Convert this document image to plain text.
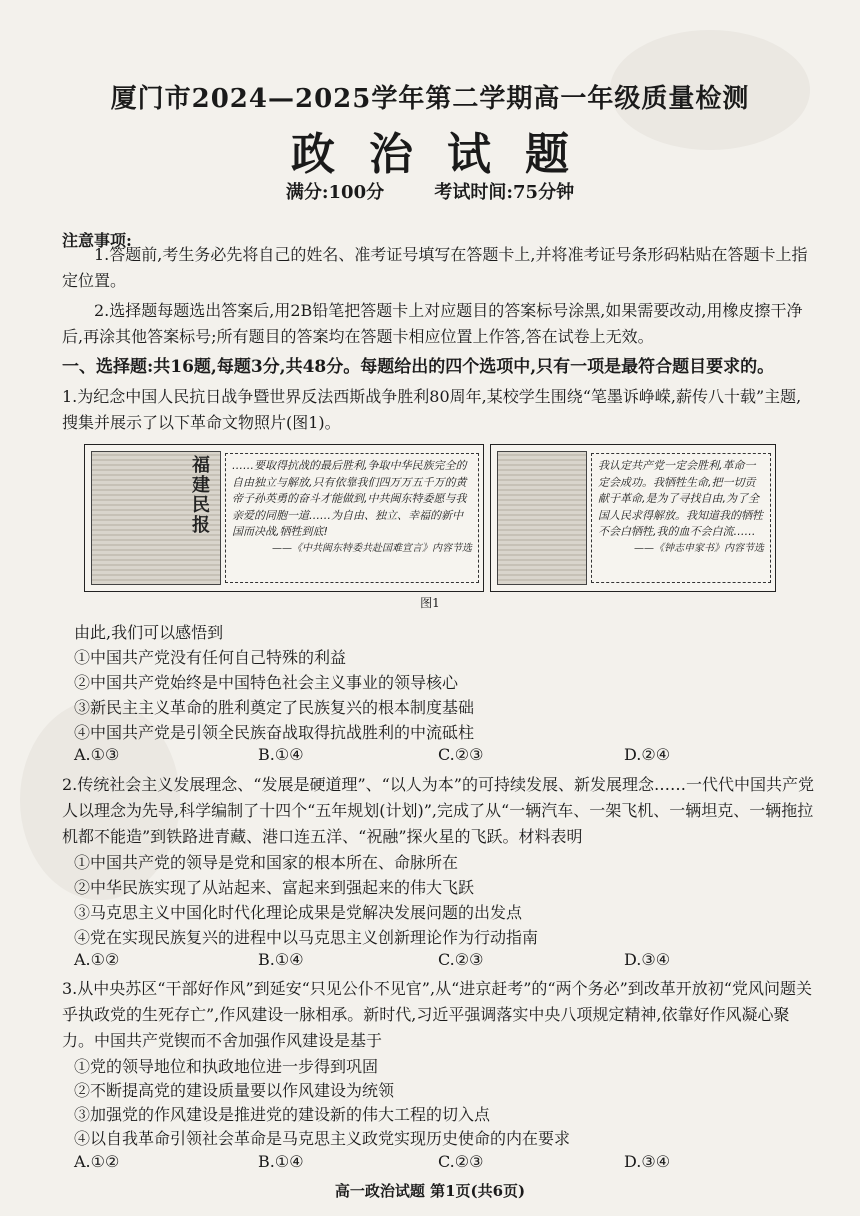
厦门市2024—2025学年第二学期高一年级质量检测
政治试题
满分:100分	考试时间:75分钟
注意事项:
1.答题前,考生务必先将自己的姓名、准考证号填写在答题卡上,并将准考证号条形码粘贴在答题卡上指定位置。
2.选择题每题选出答案后,用2B铅笔把答题卡上对应题目的答案标号涂黑,如果需要改动,用橡皮擦干净后,再涂其他答案标号;所有题目的答案均在答题卡相应位置上作答,答在试卷上无效。
一、选择题:共16题,每题3分,共48分。每题给出的四个选项中,只有一项是最符合题目要求的。
1.为纪念中国人民抗日战争暨世界反法西斯战争胜利80周年,某校学生围绕“笔墨诉峥嵘,薪传八十载”主题,搜集并展示了以下革命文物照片(图1)。
福建民报
……要取得抗战的最后胜利,争取中华民族完全的自由独立与解放,只有依靠我们四万万五千万的黄帝子孙英勇的奋斗才能做到,中共闽东特委愿与我亲爱的同胞一道……为自由、独立、幸福的新中国而决战,牺牲到底!
——《中共闽东特委共赴国难宣言》内容节选
我认定共产党一定会胜利,革命一定会成功。我牺牲生命,把一切贡献于革命,是为了寻找自由,为了全国人民求得解放。我知道我的牺牲不会白牺牲,我的血不会白流……
——《钟志申家书》内容节选
图1
由此,我们可以感悟到
①中国共产党没有任何自己特殊的利益
②中国共产党始终是中国特色社会主义事业的领导核心
③新民主主义革命的胜利奠定了民族复兴的根本制度基础
④中国共产党是引领全民族奋战取得抗战胜利的中流砥柱
A.①③	B.①④	C.②③	D.②④
2.传统社会主义发展理念、“发展是硬道理”、“以人为本”的可持续发展、新发展理念……一代代中国共产党人以理念为先导,科学编制了十四个“五年规划(计划)”,完成了从“一辆汽车、一架飞机、一辆坦克、一辆拖拉机都不能造”到铁路进青藏、港口连五洋、“祝融”探火星的飞跃。材料表明
①中国共产党的领导是党和国家的根本所在、命脉所在
②中华民族实现了从站起来、富起来到强起来的伟大飞跃
③马克思主义中国化时代化理论成果是党解决发展问题的出发点
④党在实现民族复兴的进程中以马克思主义创新理论作为行动指南
A.①②	B.①④	C.②③	D.③④
3.从中央苏区“干部好作风”到延安“只见公仆不见官”,从“进京赶考”的“两个务必”到改革开放初“党风问题关乎执政党的生死存亡”,作风建设一脉相承。新时代,习近平强调落实中央八项规定精神,依靠好作风凝心聚力。中国共产党锲而不舍加强作风建设是基于
①党的领导地位和执政地位进一步得到巩固
②不断提高党的建设质量要以作风建设为统领
③加强党的作风建设是推进党的建设新的伟大工程的切入点
④以自我革命引领社会革命是马克思主义政党实现历史使命的内在要求
高一政治试题 第1页(共6页)
A.①②	B.①④	C.②③	D.③④
